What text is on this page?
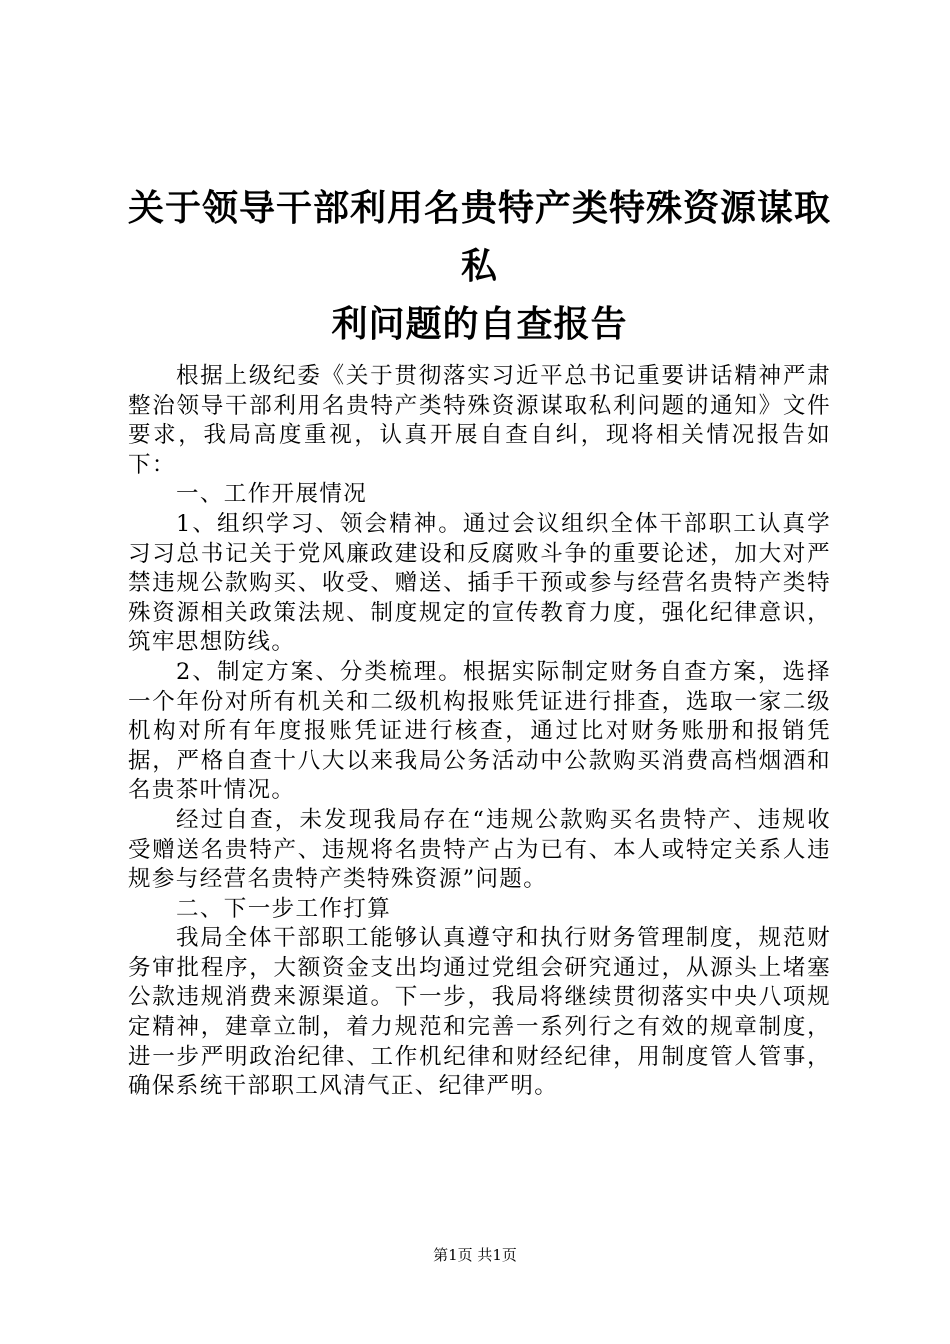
关于领导干部利用名贵特产类特殊资源谋取私
利问题的自查报告

根据上级纪委《关于贯彻落实习近平总书记重要讲话精神严肃整治领导干部利用名贵特产类特殊资源谋取私利问题的通知》文件要求，我局高度重视，认真开展自查自纠，现将相关情况报告如下：

一、工作开展情况

1、组织学习、领会精神。通过会议组织全体干部职工认真学习习总书记关于党风廉政建设和反腐败斗争的重要论述，加大对严禁违规公款购买、收受、赠送、插手干预或参与经营名贵特产类特殊资源相关政策法规、制度规定的宣传教育力度，强化纪律意识，筑牢思想防线。

2、制定方案、分类梳理。根据实际制定财务自查方案，选择一个年份对所有机关和二级机构报账凭证进行排查，选取一家二级机构对所有年度报账凭证进行核查，通过比对财务账册和报销凭据，严格自查十八大以来我局公务活动中公款购买消费高档烟酒和名贵茶叶情况。

经过自查，未发现我局存在“违规公款购买名贵特产、违规收受赠送名贵特产、违规将名贵特产占为已有、本人或特定关系人违规参与经营名贵特产类特殊资源”问题。

二、下一步工作打算

我局全体干部职工能够认真遵守和执行财务管理制度，规范财务审批程序，大额资金支出均通过党组会研究通过，从源头上堵塞公款违规消费来源渠道。下一步，我局将继续贯彻落实中央八项规定精神，建章立制，着力规范和完善一系列行之有效的规章制度，进一步严明政治纪律、工作机纪律和财经纪律，用制度管人管事，确保系统干部职工风清气正、纪律严明。

第1页 共1页
